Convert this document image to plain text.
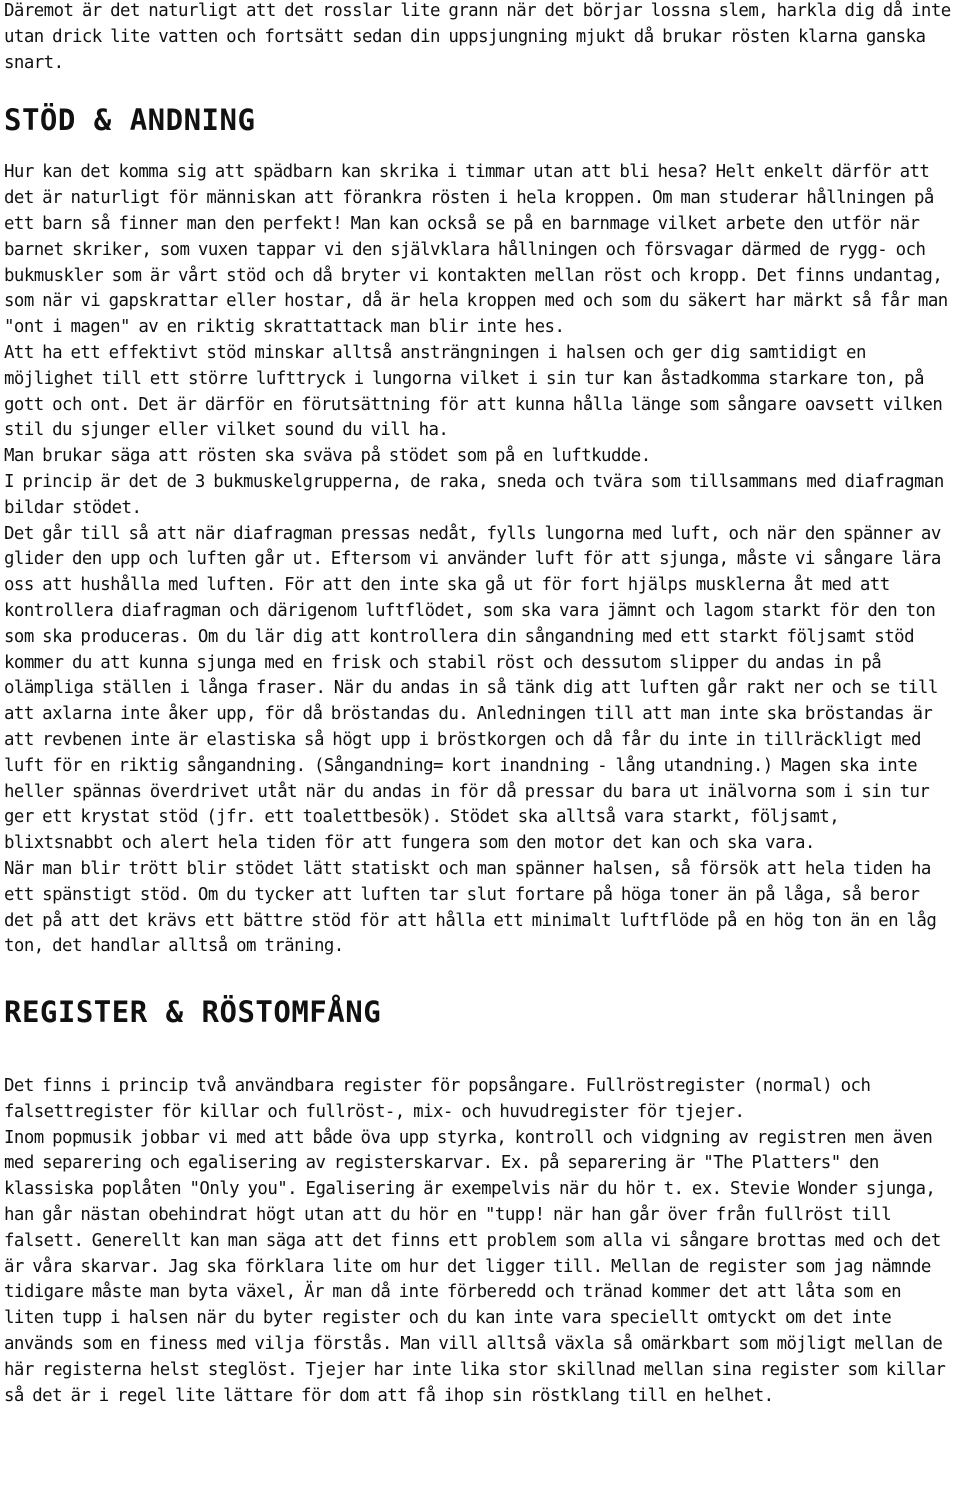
Däremot är det naturligt att det rosslar lite grann när det börjar lossna slem, harkla dig då inte utan drick lite vatten och fortsätt sedan din uppsjungning mjukt då brukar rösten klarna ganska snart.

STÖD & ANDNING

Hur kan det komma sig att spädbarn kan skrika i timmar utan att bli hesa? Helt enkelt därför att det är naturligt för människan att förankra rösten i hela kroppen. Om man studerar hållningen på ett barn så finner man den perfekt! Man kan också se på en barnmage vilket arbete den utför när barnet skriker, som vuxen tappar vi den självklara hållningen och försvagar därmed de rygg- och bukmuskler som är vårt stöd och då bryter vi kontakten mellan röst och kropp. Det finns undantag, som när vi gapskrattar eller hostar, då är hela kroppen med och som du säkert har märkt så får man "ont i magen" av en riktig skrattattack man blir inte hes.

Att ha ett effektivt stöd minskar alltså ansträngningen i halsen och ger dig samtidigt en möjlighet till ett större lufttryck i lungorna vilket i sin tur kan åstadkomma starkare ton, på gott och ont. Det är därför en förutsättning för att kunna hålla länge som sångare oavsett vilken stil du sjunger eller vilket sound du vill ha.

Man brukar säga att rösten ska sväva på stödet som på en luftkudde.

I princip är det de 3 bukmuskelgrupperna, de raka, sneda och tvära som tillsammans med diafragman bildar stödet.

Det går till så att när diafragman pressas nedåt, fylls lungorna med luft, och när den spänner av glider den upp och luften går ut. Eftersom vi använder luft för att sjunga, måste vi sångare lära oss att hushålla med luften. För att den inte ska gå ut för fort hjälps musklerna åt med att kontrollera diafragman och därigenom luftflödet, som ska vara jämnt och lagom starkt för den ton som ska produceras. Om du lär dig att kontrollera din sångandning med ett starkt följsamt stöd kommer du att kunna sjunga med en frisk och stabil röst och dessutom slipper du andas in på olämpliga ställen i långa fraser. När du andas in så tänk dig att luften går rakt ner och se till att axlarna inte åker upp, för då bröstandas du. Anledningen till att man inte ska bröstandas är att revbenen inte är elastiska så högt upp i bröstkorgen och då får du inte in tillräckligt med luft för en riktig sångandning. (Sångandning= kort inandning - lång utandning.) Magen ska inte heller spännas överdrivet utåt när du andas in för då pressar du bara ut inälvorna som i sin tur ger ett krystat stöd (jfr. ett toalettbesök). Stödet ska alltså vara starkt, följsamt, blixtsnabbt och alert hela tiden för att fungera som den motor det kan och ska vara.

När man blir trött blir stödet lätt statiskt och man spänner halsen, så försök att hela tiden ha ett spänstigt stöd. Om du tycker att luften tar slut fortare på höga toner än på låga, så beror det på att det krävs ett bättre stöd för att hålla ett minimalt luftflöde på en hög ton än en låg ton, det handlar alltså om träning.

REGISTER & RÖSTOMFÅNG

Det finns i princip två användbara register för popsångare. Fullröstregister (normal) och falsettregister för killar och fullröst-, mix- och huvudregister för tjejer.

Inom popmusik jobbar vi med att både öva upp styrka, kontroll och vidgning av registren men även med separering och egalisering av registerskarvar. Ex. på separering är "The Platters" den klassiska poplåten "Only you". Egalisering är exempelvis när du hör t. ex. Stevie Wonder sjunga, han går nästan obehindrat högt utan att du hör en "tupp! när han går över från fullröst till falsett. Generellt kan man säga att det finns ett problem som alla vi sångare brottas med och det är våra skarvar. Jag ska förklara lite om hur det ligger till. Mellan de register som jag nämnde tidigare måste man byta växel, Är man då inte förberedd och tränad kommer det att låta som en liten tupp i halsen när du byter register och du kan inte vara speciellt omtyckt om det inte används som en finess med vilja förstås. Man vill alltså växla så omärkbart som möjligt mellan de här registerna helst steglöst. Tjejer har inte lika stor skillnad mellan sina register som killar så det är i regel lite lättare för dom att få ihop sin röstklang till en helhet.
